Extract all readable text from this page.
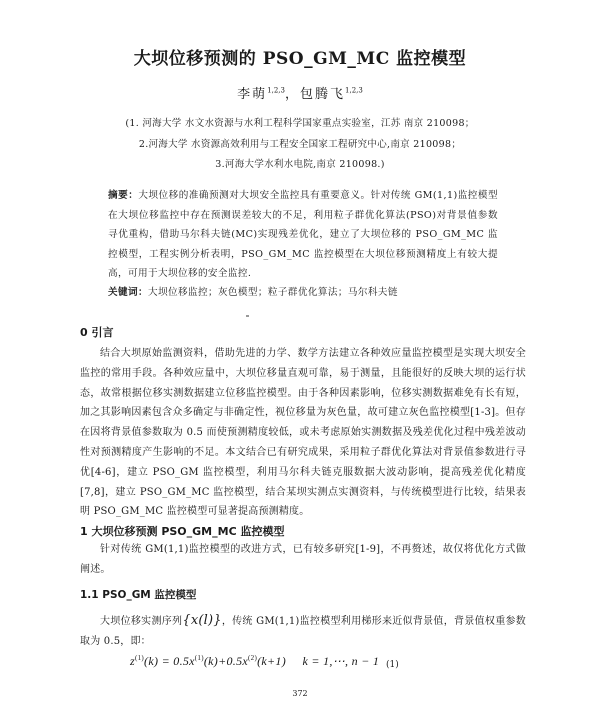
大坝位移预测的 PSO_GM_MC 监控模型
李萌$^{1,2,3}$，包腾飞$^{1,2,3}$
(1. 河海大学 水文水资源与水利工程科学国家重点实验室，江苏 南京 210098；
2.河海大学 水资源高效利用与工程安全国家工程研究中心,南京 210098；
3.河海大学水利水电院,南京 210098.)
摘要：大坝位移的准确预测对大坝安全监控具有重要意义。针对传统 GM(1,1)监控模型在大坝位移监控中存在预测误差较大的不足，利用粒子群优化算法(PSO)对背景值参数寻优重构，借助马尔科夫链(MC)实现残差优化，建立了大坝位移的 PSO_GM_MC 监控模型，工程实例分析表明，PSO_GM_MC 监控模型在大坝位移预测精度上有较大提高，可用于大坝位移的安全监控.
关键词：大坝位移监控；灰色模型；粒子群优化算法；马尔科夫链
0 引言
结合大坝原始监测资料，借助先进的力学、数学方法建立各种效应量监控模型是实现大坝安全监控的常用手段。各种效应量中，大坝位移量直观可靠，易于测量，且能很好的反映大坝的运行状态，故常根据位移实测数据建立位移监控模型。由于各种因素影响，位移实测数据难免有长有短，加之其影响因素包含众多确定与非确定性，视位移量为灰色量，故可建立灰色监控模型[1-3]。但存在因将背景值参数取为 0.5 而使预测精度较低，或未考虑原始实测数据及残差优化过程中残差波动性对预测精度产生影响的不足。本文结合已有研究成果，采用粒子群优化算法对背景值参数进行寻优[4-6]，建立 PSO_GM 监控模型，利用马尔科夫链克服数据大波动影响，提高残差优化精度[7,8]，建立 PSO_GM_MC 监控模型，结合某坝实测点实测资料，与传统模型进行比较，结果表明 PSO_GM_MC 监控模型可显著提高预测精度。
1 大坝位移预测 PSO_GM_MC 监控模型
针对传统 GM(1,1)监控模型的改进方式，已有较多研究[1-9]，不再赘述，故仅将优化方式做阐述。
1.1 PSO_GM 监控模型
大坝位移实测序列{x(l)}，传统 GM(1,1)监控模型利用梯形来近似背景值，背景值权重参数取为 0.5，即：
$z^{(1)}(k) = 0.5x^{(1)}(k)+0.5x^{(2)}(k+1) k$ = 1,⋯, n − 1 (1)
372
